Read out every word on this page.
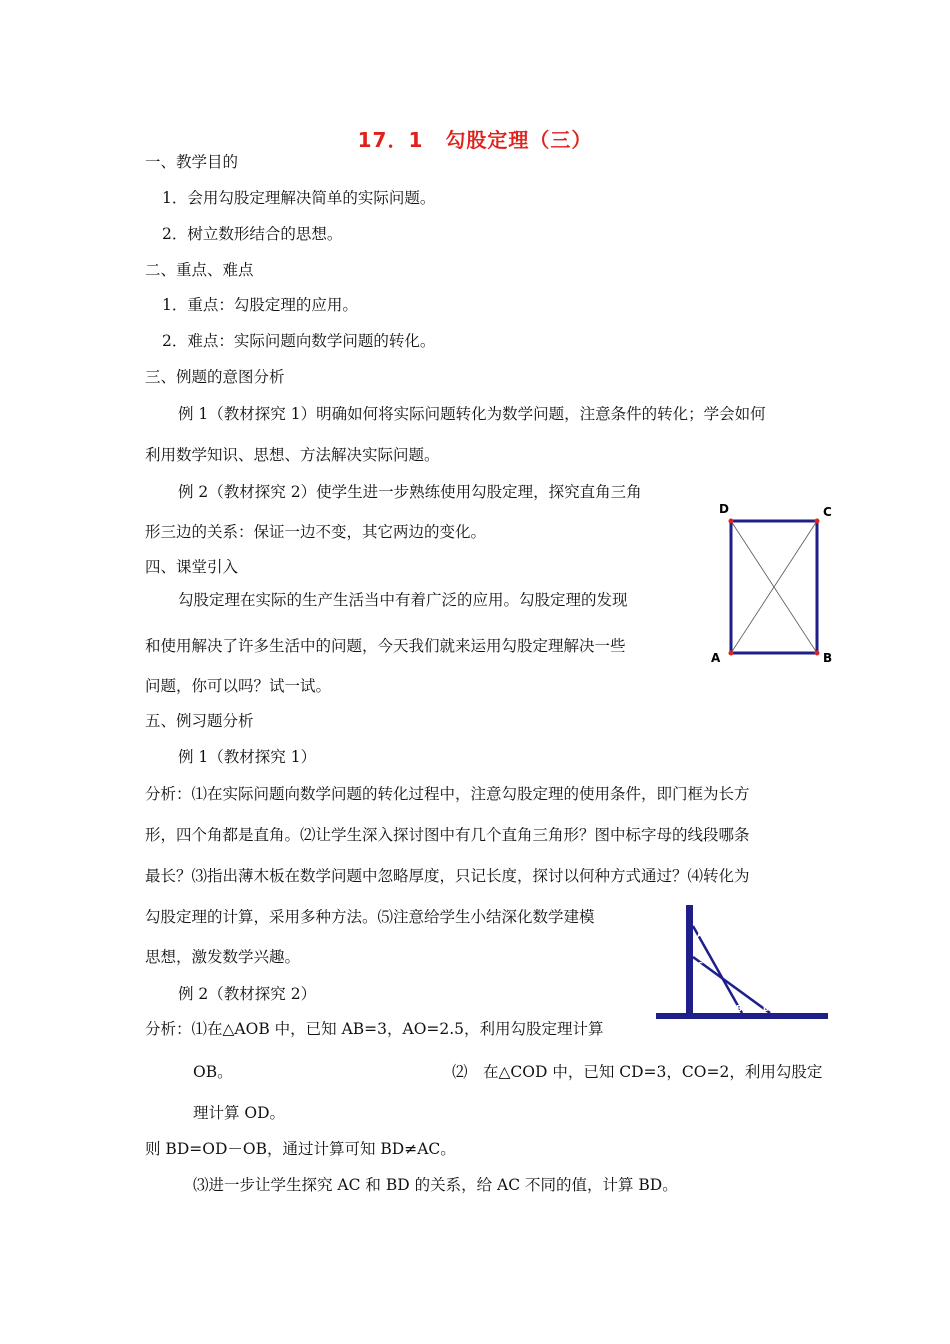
17．1 勾股定理（三）
一、教学目的
1．会用勾股定理解决简单的实际问题。
2．树立数形结合的思想。
二、重点、难点
1．重点：勾股定理的应用。
2．难点：实际问题向数学问题的转化。
三、例题的意图分析
例 1（教材探究 1）明确如何将实际问题转化为数学问题，注意条件的转化；学会如何
利用数学知识、思想、方法解决实际问题。
例 2（教材探究 2）使学生进一步熟练使用勾股定理，探究直角三角
形三边的关系：保证一边不变，其它两边的变化。
四、课堂引入
勾股定理在实际的生产生活当中有着广泛的应用。勾股定理的发现
和使用解决了许多生活中的问题，今天我们就来运用勾股定理解决一些
问题，你可以吗？试一试。
五、例习题分析
例 1（教材探究 1）
分析：⑴在实际问题向数学问题的转化过程中，注意勾股定理的使用条件，即门框为长方
形，四个角都是直角。⑵让学生深入探讨图中有几个直角三角形？图中标字母的线段哪条
最长？⑶指出薄木板在数学问题中忽略厚度，只记长度，探讨以何种方式通过？⑷转化为
勾股定理的计算，采用多种方法。⑸注意给学生小结深化数学建模
思想，激发数学兴趣。
例 2（教材探究 2）
分析：⑴在△AOB 中，已知 AB=3，AO=2.5，利用勾股定理计算
OB。	⑵　在△COD 中，已知 CD=3，CO=2，利用勾股定
理计算 OD。
则 BD=OD－OB，通过计算可知 BD≠AC。
⑶进一步让学生探究 AC 和 BD 的关系，给 AC 不同的值，计算 BD。
D	C
A	B
A
C
O	B	D
